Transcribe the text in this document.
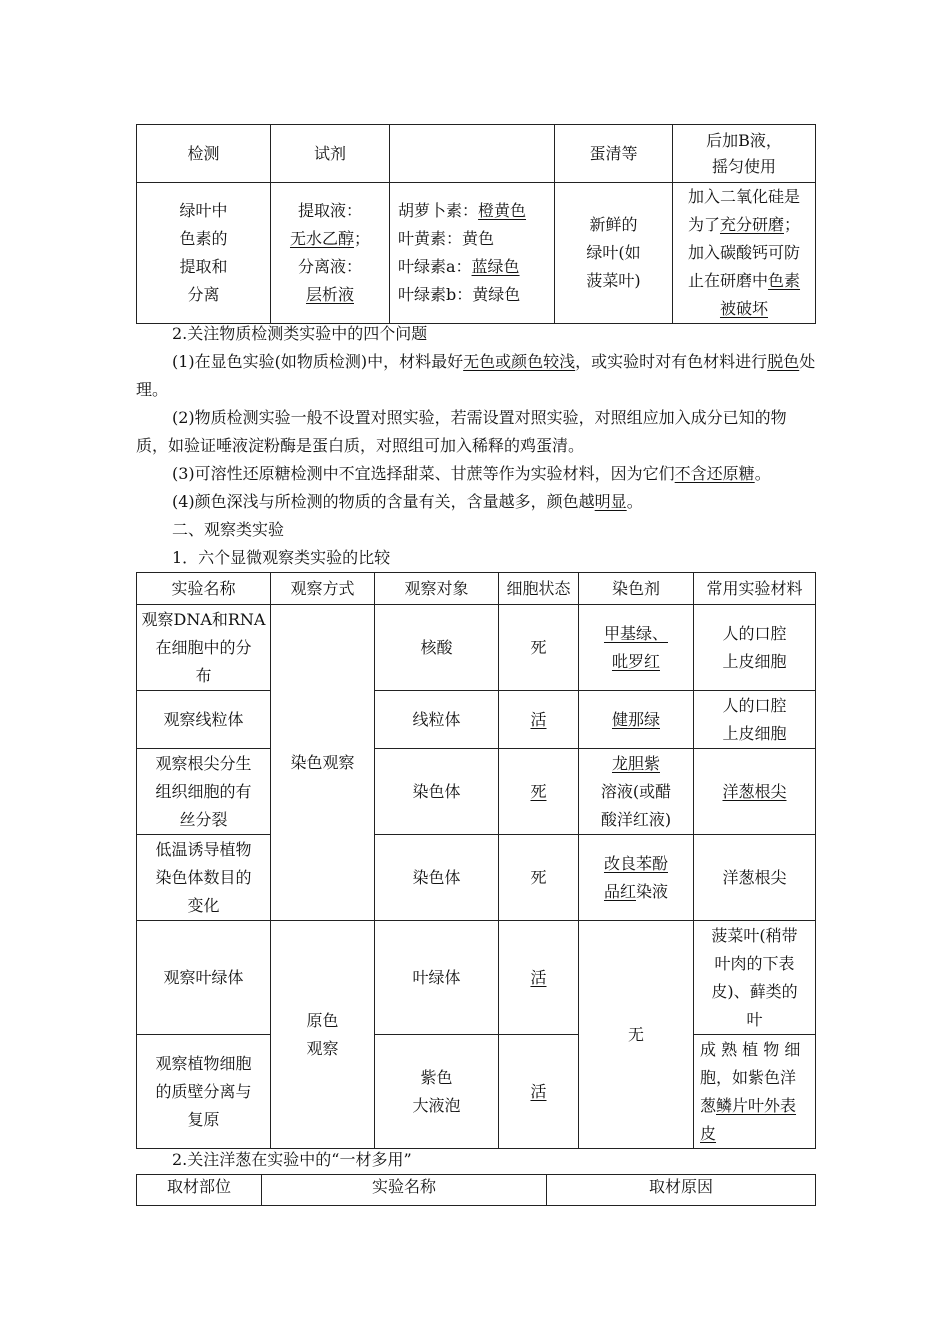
检测	试剂		蛋清等	后加B液，
摇匀使用

绿叶中
色素的
提取和
分离	提取液：
无水乙醇；
分离液：
层析液	胡萝卜素：橙黄色
叶黄素：黄色
叶绿素a：蓝绿色
叶绿素b：黄绿色	新鲜的
绿叶(如
菠菜叶)	加入二氧化硅是
为了充分研磨；
加入碳酸钙可防
止在研磨中色素
被破坏

2.关注物质检测类实验中的四个问题

(1)在显色实验(如物质检测)中，材料最好无色或颜色较浅，或实验时对有色材料进行脱色处理。

(2)物质检测实验一般不设置对照实验，若需设置对照实验，对照组应加入成分已知的物质，如验证唾液淀粉酶是蛋白质，对照组可加入稀释的鸡蛋清。

(3)可溶性还原糖检测中不宜选择甜菜、甘蔗等作为实验材料，因为它们不含还原糖。

(4)颜色深浅与所检测的物质的含量有关，含量越多，颜色越明显。

二、观察类实验

1．六个显微观察类实验的比较

实验名称	观察方式	观察对象	细胞状态	染色剂	常用实验材料

观察DNA和RNA
在细胞中的分
布	染色观察	核酸	死	甲基绿、
吡罗红	人的口腔
上皮细胞

观察线粒体		线粒体	活	健那绿	人的口腔
上皮细胞

观察根尖分生
组织细胞的有
丝分裂		染色体	死	龙胆紫
溶液(或醋
酸洋红液)	洋葱根尖

低温诱导植物
染色体数目的
变化		染色体	死	改良苯酚
品红染液	洋葱根尖
观察叶绿体	原色
观察	叶绿体	活	无	菠菜叶(稍带
叶肉的下表
皮)、藓类的
叶

观察植物细胞
的质壁分离与
复原		紫色
大液泡	活		成 熟 植 物 细
胞，如紫色洋
葱鳞片叶外表
皮

2.关注洋葱在实验中的“一材多用”

取材部位	实验名称	取材原因
